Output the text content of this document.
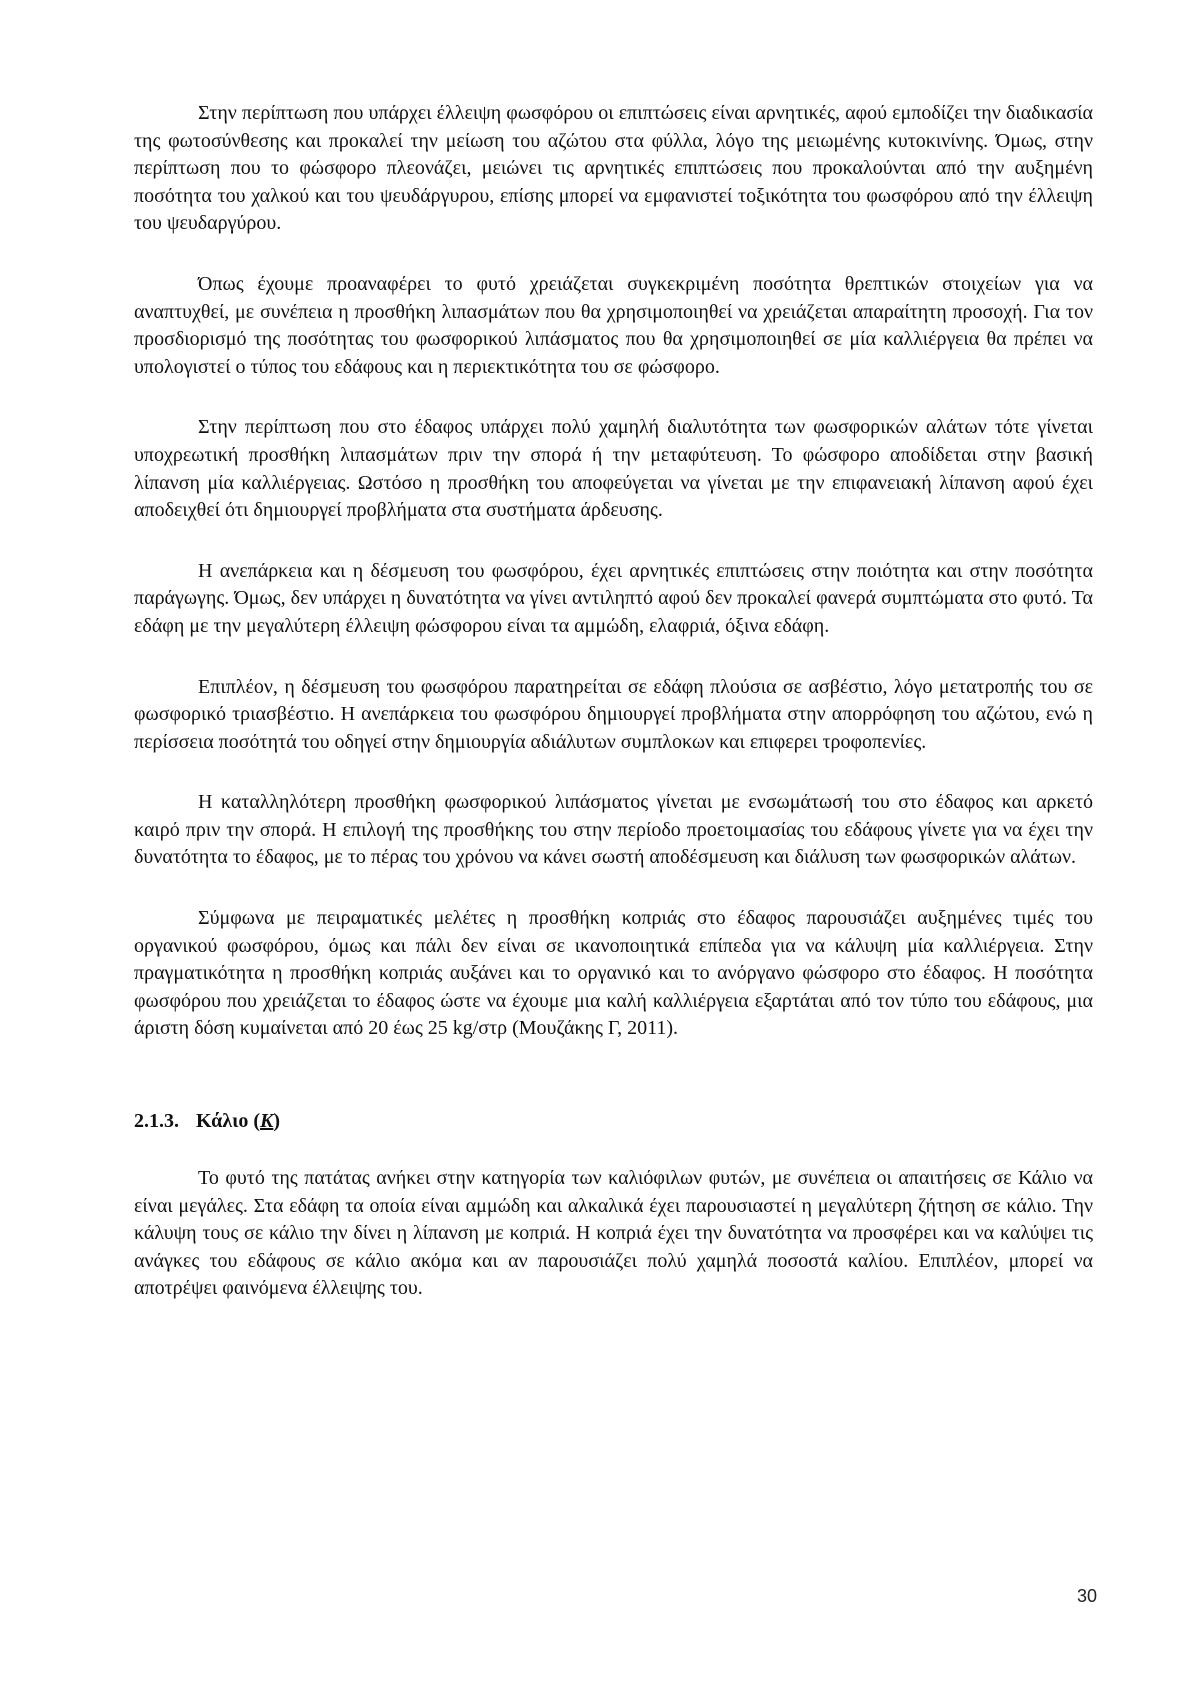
Στην περίπτωση που υπάρχει έλλειψη φωσφόρου οι επιπτώσεις είναι αρνητικές, αφού εμποδίζει την διαδικασία της φωτοσύνθεσης και προκαλεί την μείωση του αζώτου στα φύλλα, λόγο της μειωμένης κυτοκινίνης. Όμως, στην περίπτωση που το φώσφορο πλεονάζει, μειώνει τις αρνητικές επιπτώσεις που προκαλούνται από την αυξημένη ποσότητα του χαλκού και του ψευδάργυρου, επίσης μπορεί να εμφανιστεί τοξικότητα του φωσφόρου από την έλλειψη του ψευδαργύρου.

Όπως έχουμε προαναφέρει το φυτό χρειάζεται συγκεκριμένη ποσότητα θρεπτικών στοιχείων για να αναπτυχθεί, με συνέπεια η προσθήκη λιπασμάτων που θα χρησιμοποιηθεί να χρειάζεται απαραίτητη προσοχή. Για τον προσδιορισμό της ποσότητας του φωσφορικού λιπάσματος που θα χρησιμοποιηθεί σε μία καλλιέργεια θα πρέπει να υπολογιστεί ο τύπος του εδάφους και η περιεκτικότητα του σε φώσφορο.

Στην περίπτωση που στο έδαφος υπάρχει πολύ χαμηλή διαλυτότητα των φωσφορικών αλάτων τότε γίνεται υποχρεωτική προσθήκη λιπασμάτων πριν την σπορά ή την μεταφύτευση. Το φώσφορο αποδίδεται στην βασική λίπανση μία καλλιέργειας. Ωστόσο η προσθήκη του αποφεύγεται να γίνεται με την επιφανειακή λίπανση αφού έχει αποδειχθεί ότι δημιουργεί προβλήματα στα συστήματα άρδευσης.

Η ανεπάρκεια και η δέσμευση του φωσφόρου, έχει αρνητικές επιπτώσεις στην ποιότητα και στην ποσότητα παράγωγης. Όμως, δεν υπάρχει η δυνατότητα να γίνει αντιληπτό αφού δεν προκαλεί φανερά συμπτώματα στο φυτό. Τα εδάφη με την μεγαλύτερη έλλειψη φώσφορου είναι τα αμμώδη, ελαφριά, όξινα εδάφη.

Επιπλέον, η δέσμευση του φωσφόρου παρατηρείται σε εδάφη πλούσια σε ασβέστιο, λόγο μετατροπής του σε φωσφορικό τριασβέστιο. Η ανεπάρκεια του φωσφόρου δημιουργεί προβλήματα στην απορρόφηση του αζώτου, ενώ η περίσσεια ποσότητά του οδηγεί στην δημιουργία αδιάλυτων συμπλοκων και επιφερει τροφοπενίες.

Η καταλληλότερη προσθήκη φωσφορικού λιπάσματος γίνεται με ενσωμάτωσή του στο έδαφος και αρκετό καιρό πριν την σπορά. Η επιλογή της προσθήκης του στην περίοδο προετοιμασίας του εδάφους γίνετε για να έχει την δυνατότητα το έδαφος, με το πέρας του χρόνου να κάνει σωστή αποδέσμευση και διάλυση των φωσφορικών αλάτων.

Σύμφωνα με πειραματικές μελέτες η προσθήκη κοπριάς στο έδαφος παρουσιάζει αυξημένες τιμές του οργανικού φωσφόρου, όμως και πάλι δεν είναι σε ικανοποιητικά επίπεδα για να κάλυψη μία καλλιέργεια. Στην πραγματικότητα η προσθήκη κοπριάς αυξάνει και το οργανικό και το ανόργανο φώσφορο στο έδαφος. Η ποσότητα φωσφόρου που χρειάζεται το έδαφος ώστε να έχουμε μια καλή καλλιέργεια εξαρτάται από τον τύπο του εδάφους, μια άριστη δόση κυμαίνεται από 20 έως 25 kg/στρ (Μουζάκης Γ, 2011).

2.1.3. Κάλιο (K)

Το φυτό της πατάτας ανήκει στην κατηγορία των καλιόφιλων φυτών, με συνέπεια οι απαιτήσεις σε Κάλιο να είναι μεγάλες. Στα εδάφη τα οποία είναι αμμώδη και αλκαλικά έχει παρουσιαστεί η μεγαλύτερη ζήτηση σε κάλιο. Την κάλυψη τους σε κάλιο την δίνει η λίπανση με κοπριά. Η κοπριά έχει την δυνατότητα να προσφέρει και να καλύψει τις ανάγκες του εδάφους σε κάλιο ακόμα και αν παρουσιάζει πολύ χαμηλά ποσοστά καλίου. Επιπλέον, μπορεί να αποτρέψει φαινόμενα έλλειψης του.

30
